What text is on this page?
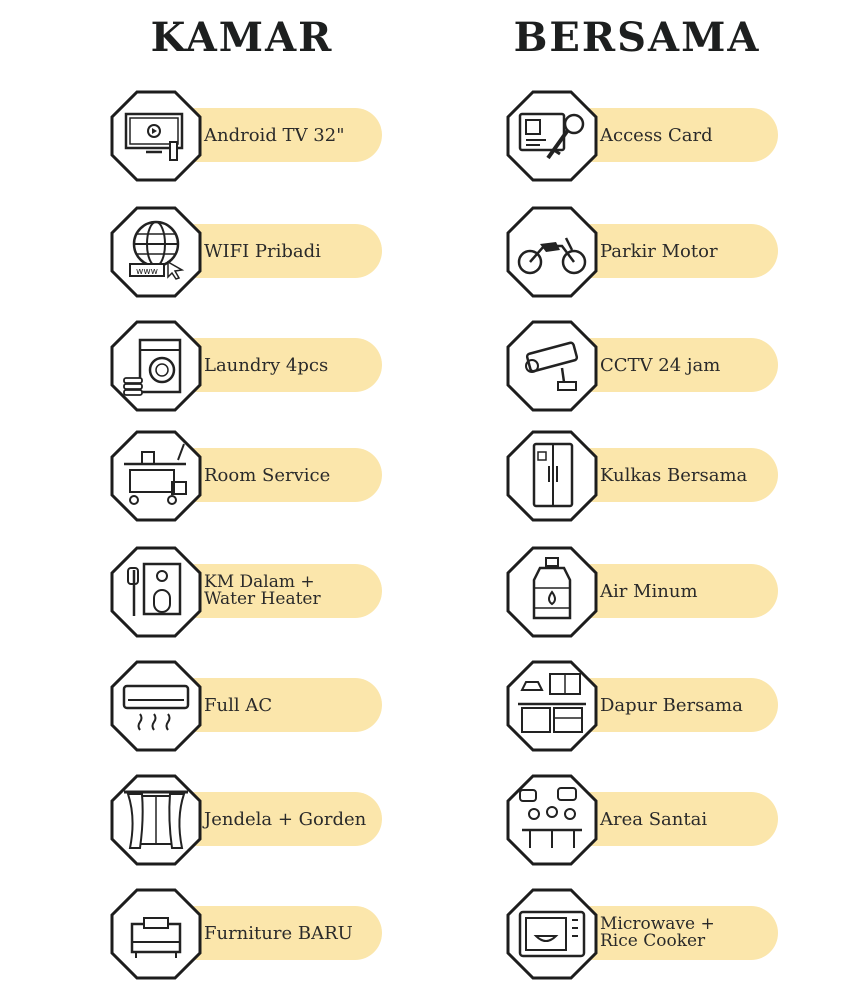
KAMAR	BERSAMA
Android TV 32"
WIFI Pribadi
Laundry 4pcs
Room Service
KM Dalam +
Water Heater
Full AC
Jendela + Gorden
Furniture BARU
Access Card
Parkir Motor
CCTV 24 jam
Kulkas Bersama
Air Minum
Dapur Bersama
Area Santai
Microwave +
Rice Cooker
